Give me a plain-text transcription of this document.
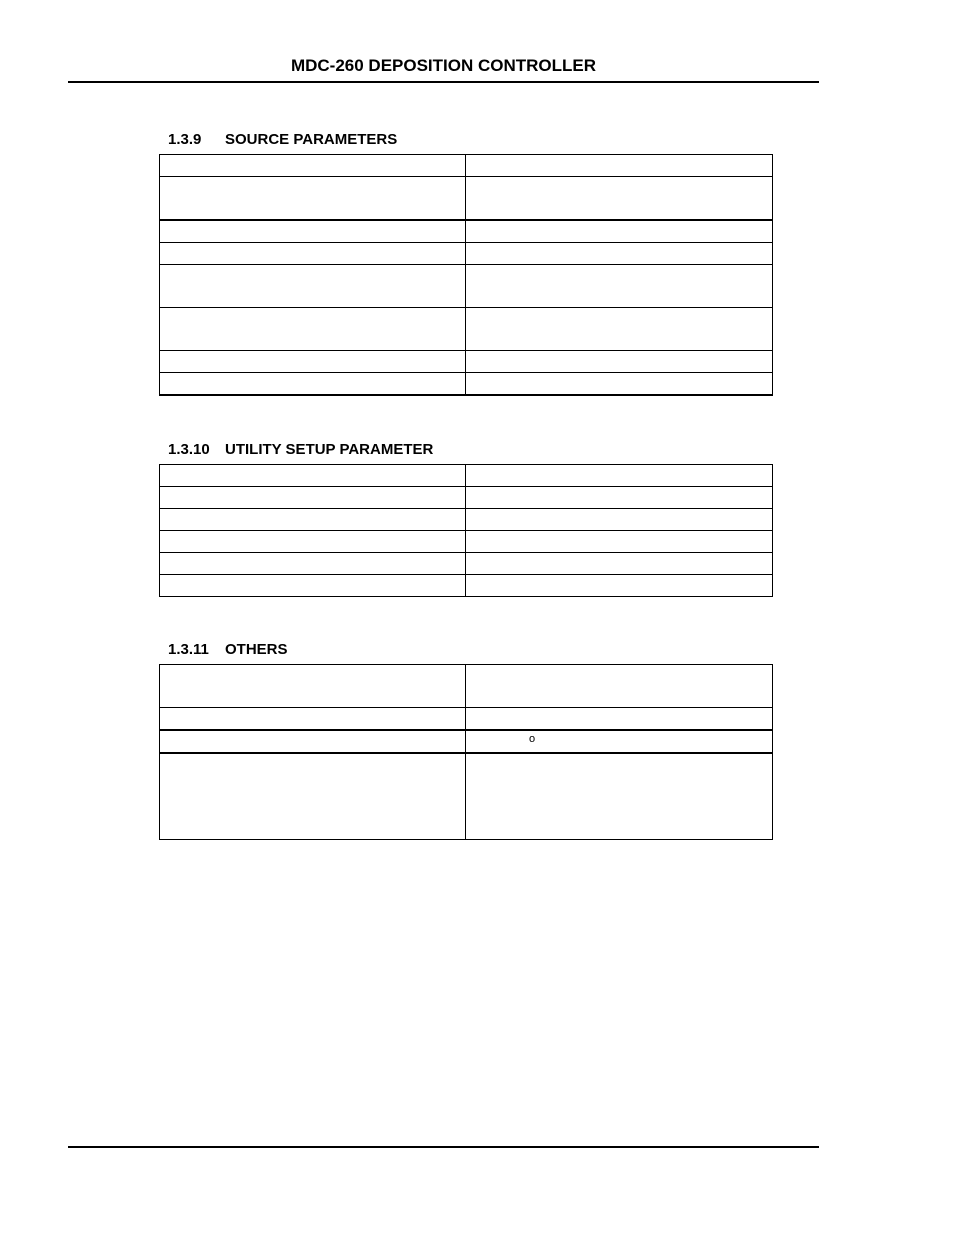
MDC-260 DEPOSITION CONTROLLER
1.3.9 SOURCE PARAMETERS

1.3.10 UTILITY SETUP PARAMETER

1.3.11 OTHERS

	o
